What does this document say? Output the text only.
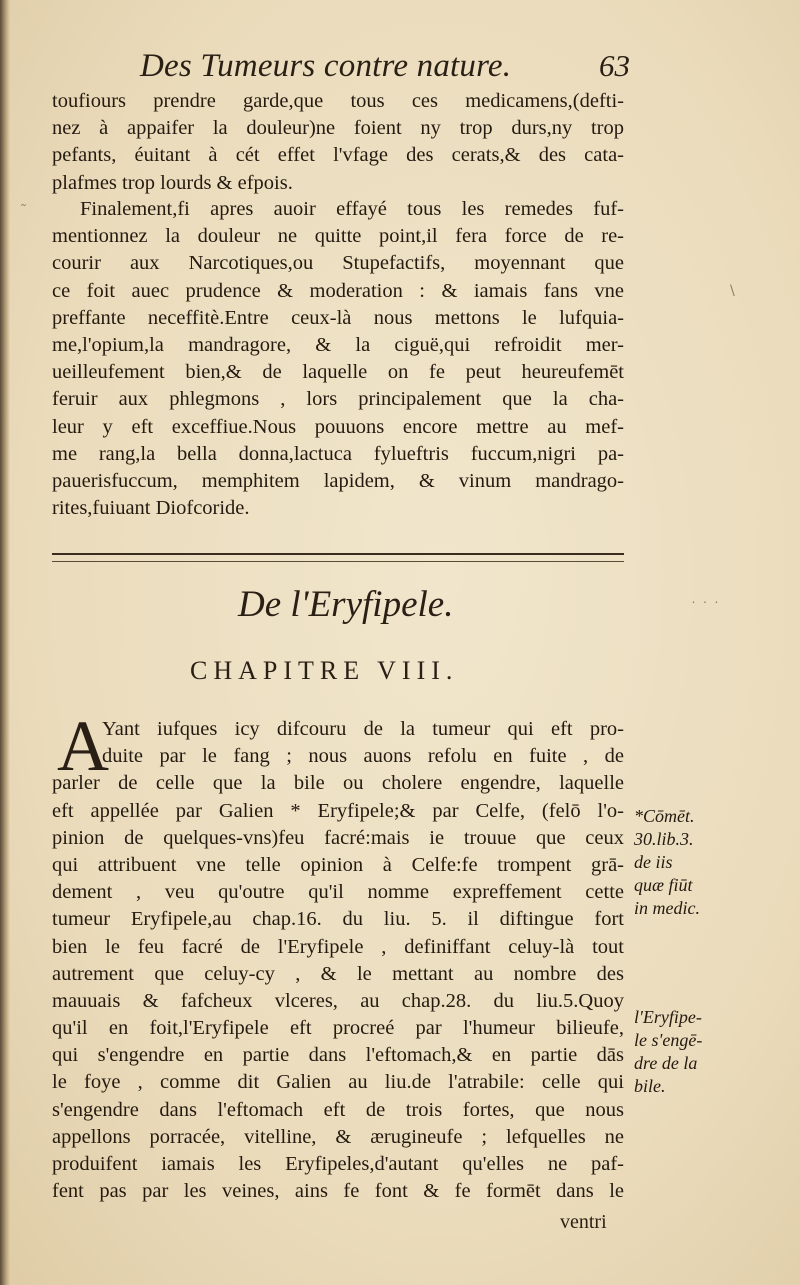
Des Tumeurs contre nature.	63
toufiours prendre garde,que tous ces medicamens,(defti-
nez à appaifer la douleur)ne foient ny trop durs,ny trop
pefants, éuitant à cét effet l'vfage des cerats,& des cata-
plafmes trop lourds & efpois.
Finalement,fi apres auoir effayé tous les remedes fuf-
mentionnez la douleur ne quitte point,il fera force de re-
courir aux Narcotiques,ou Stupefactifs, moyennant que
ce foit auec prudence & moderation : & iamais fans vne
preffante neceffitè.Entre ceux-là nous mettons le lufquia-
me,l'opium,la mandragore, & la ciguë,qui refroidit mer-
ueilleufement bien,& de laquelle on fe peut heureufemēt
feruir aux phlegmons , lors principalement que la cha-
leur y eft exceffiue.Nous pouuons encore mettre au mef-
me rang,la bella donna,lactuca fylueftris fuccum,nigri pa-
pauerisfuccum, memphitem lapidem, & vinum mandrago-
rites,fuiuant Diofcoride.
De l'Eryfipele.
CHAPITRE VIII.
A
Yant iufques icy difcouru de la tumeur qui eft pro-
duite par le fang ; nous auons refolu en fuite , de
parler de celle que la bile ou cholere engendre, laquelle
eft appellée par Galien * Eryfipele;& par Celfe, (felō l'o-
pinion de quelques-vns)feu facré:mais ie trouue que ceux
qui attribuent vne telle opinion à Celfe:fe trompent grā-
dement , veu qu'outre qu'il nomme expreffement cette
tumeur Eryfipele,au chap.16. du liu. 5. il diftingue fort
bien le feu facré de l'Eryfipele , definiffant celuy-là tout
autrement que celuy-cy , & le mettant au nombre des
mauuais & fafcheux vlceres, au chap.28. du liu.5.Quoy
qu'il en foit,l'Eryfipele eft procreé par l'humeur bilieufe,
qui s'engendre en partie dans l'eftomach,& en partie dās
le foye , comme dit Galien au liu.de l'atrabile: celle qui
s'engendre dans l'eftomach eft de trois fortes, que nous
appellons porracée, vitelline, & ærugineufe ; lefquelles ne
produifent iamais les Eryfipeles,d'autant qu'elles ne paf-
fent pas par les veines, ains fe font & fe formēt dans le
*Cōmēt.
30.lib.3.
de iis
quæ fiūt
in medic.
l'Eryfipe-
le s'engē-
dre de la
bile.
ventri
˜
\
˙ ˙ ˙
